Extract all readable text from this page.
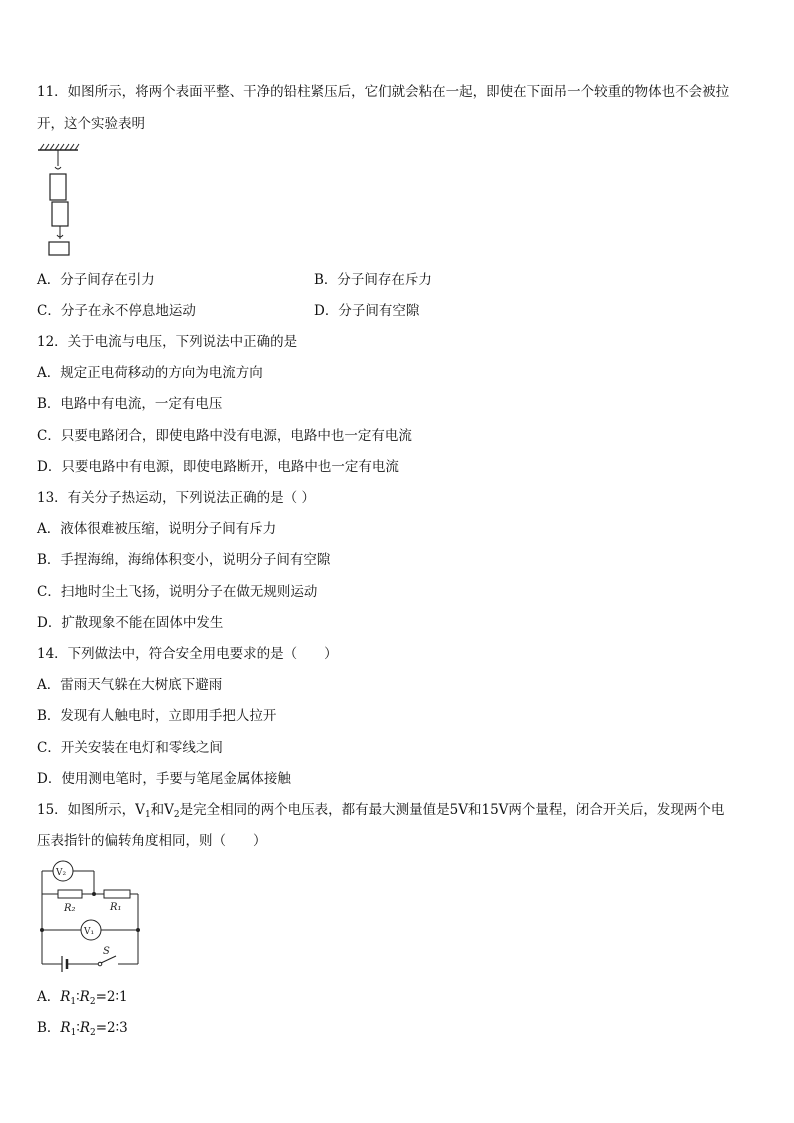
11．如图所示，将两个表面平整、干净的铅柱紧压后，它们就会粘在一起，即使在下面吊一个较重的物体也不会被拉
开，这个实验表明
A．分子间存在引力	B．分子间存在斥力
C．分子在永不停息地运动	D．分子间有空隙
12．关于电流与电压，下列说法中正确的是
A．规定正电荷移动的方向为电流方向
B．电路中有电流，一定有电压
C．只要电路闭合，即使电路中没有电源，电路中也一定有电流
D．只要电路中有电源，即使电路断开，电路中也一定有电流
13．有关分子热运动，下列说法正确的是（ ）
A．液体很难被压缩，说明分子间有斥力
B．手捏海绵，海绵体积变小，说明分子间有空隙
C．扫地时尘土飞扬，说明分子在做无规则运动
D．扩散现象不能在固体中发生
14．下列做法中，符合安全用电要求的是（　　）
A．雷雨天气躲在大树底下避雨
B．发现有人触电时，立即用手把人拉开
C．开关安装在电灯和零线之间
D．使用测电笔时，手要与笔尾金属体接触
15．如图所示，$V_1$和$V_2$是完全相同的两个电压表，都有最大测量值是5V和15V两个量程，闭合开关后，发现两个电
压表指针的偏转角度相同，则（　　）
V₂
R₂	R₁
V₁
S
A．$R_1∶R_2=2∶1$
B．$R_1∶R_2=2∶3$
